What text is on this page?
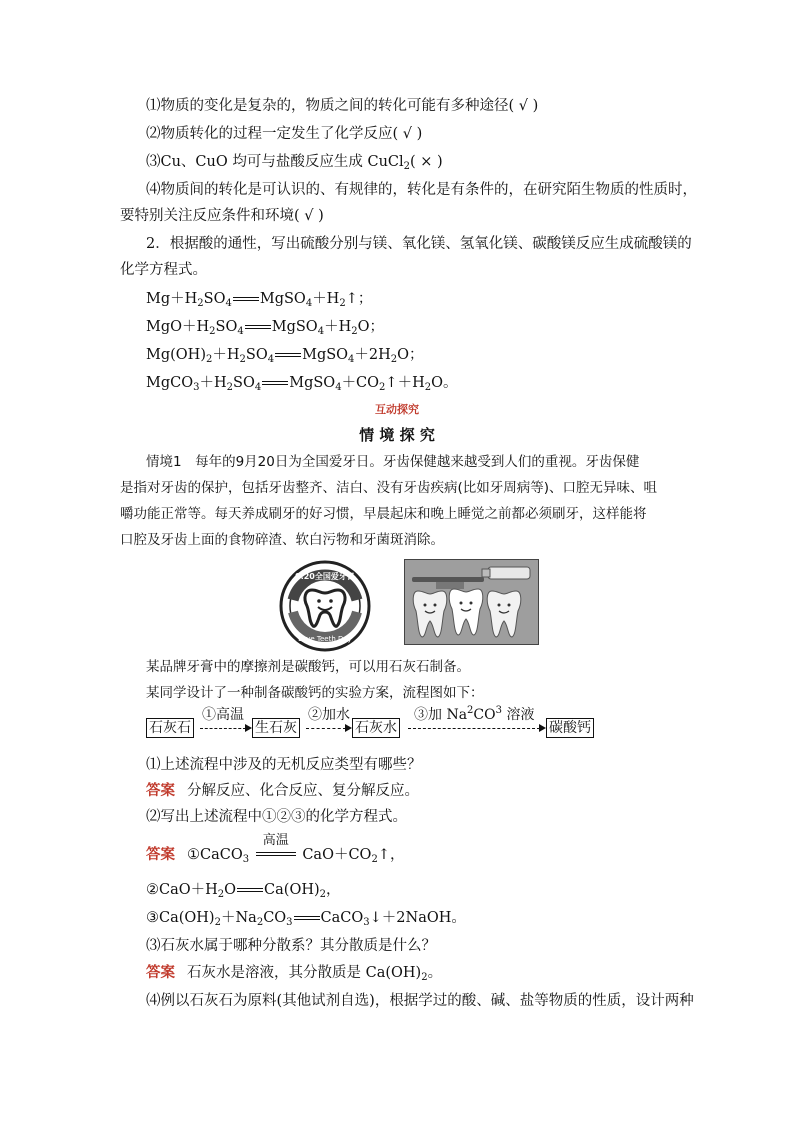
⑴物质的变化是复杂的，物质之间的转化可能有多种途径( √ )
⑵物质转化的过程一定发生了化学反应( √ )
⑶Cu、CuO 均可与盐酸反应生成 CuCl$_2$( × )
⑷物质间的转化是可认识的、有规律的，转化是有条件的，在研究陌生物质的性质时，
要特别关注反应条件和环境( √ )
2．根据酸的通性，写出硫酸分别与镁、氧化镁、氢氧化镁、碳酸镁反应生成硫酸镁的
化学方程式。
$Mg+H_2SO_4$ $MgSO_4+H_2↑$；
$MgO+H_2SO_4$ $MgSO_4+H_2O$；
$Mg(OH)_2+H_2SO_4$ $MgSO_4+2H_2O$；
$MgCO_3+H_2SO_4$ $MgSO_4+CO_2↑+H_2O$。
互动探究
情 境 探 究
情境1　每年的9月20日为全国爱牙日。牙齿保健越来越受到人们的重视。牙齿保健
是指对牙齿的保护，包括牙齿整齐、洁白、没有牙齿疾病(比如牙周病等)、口腔无异味、咀
嚼功能正常等。每天养成刷牙的好习惯，早晨起床和晚上睡觉之前都必须刷牙，这样能将
口腔及牙齿上面的食物碎渣、软白污物和牙菌斑消除。
9.20全国爱牙日
Love Teeth Day
某品牌牙膏中的摩擦剂是碳酸钙，可以用石灰石制备。
某同学设计了一种制备碳酸钙的实验方案，流程图如下：
石灰石
①高温
生石灰
②加水
石灰水
③加 $Na^2CO^3$ 溶液
碳酸钙
⑴上述流程中涉及的无机反应类型有哪些？
答案 分解反应、化合反应、复分解反应。
⑵写出上述流程中①②③的化学方程式。
答案 ①CaCO$_3$
高温
$CaO+CO_2↑$，
$②CaO+H_2O$ $Ca(OH)_2$，
$③Ca(OH)_2+Na_2CO_3$ CaCO$_3$↓＋2NaOH。
⑶石灰水属于哪种分散系？其分散质是什么？
答案 石灰水是溶液，其分散质是 $Ca(OH)_2$。
⑷例以石灰石为原料(其他试剂自选)，根据学过的酸、碱、盐等物质的性质，设计两种
